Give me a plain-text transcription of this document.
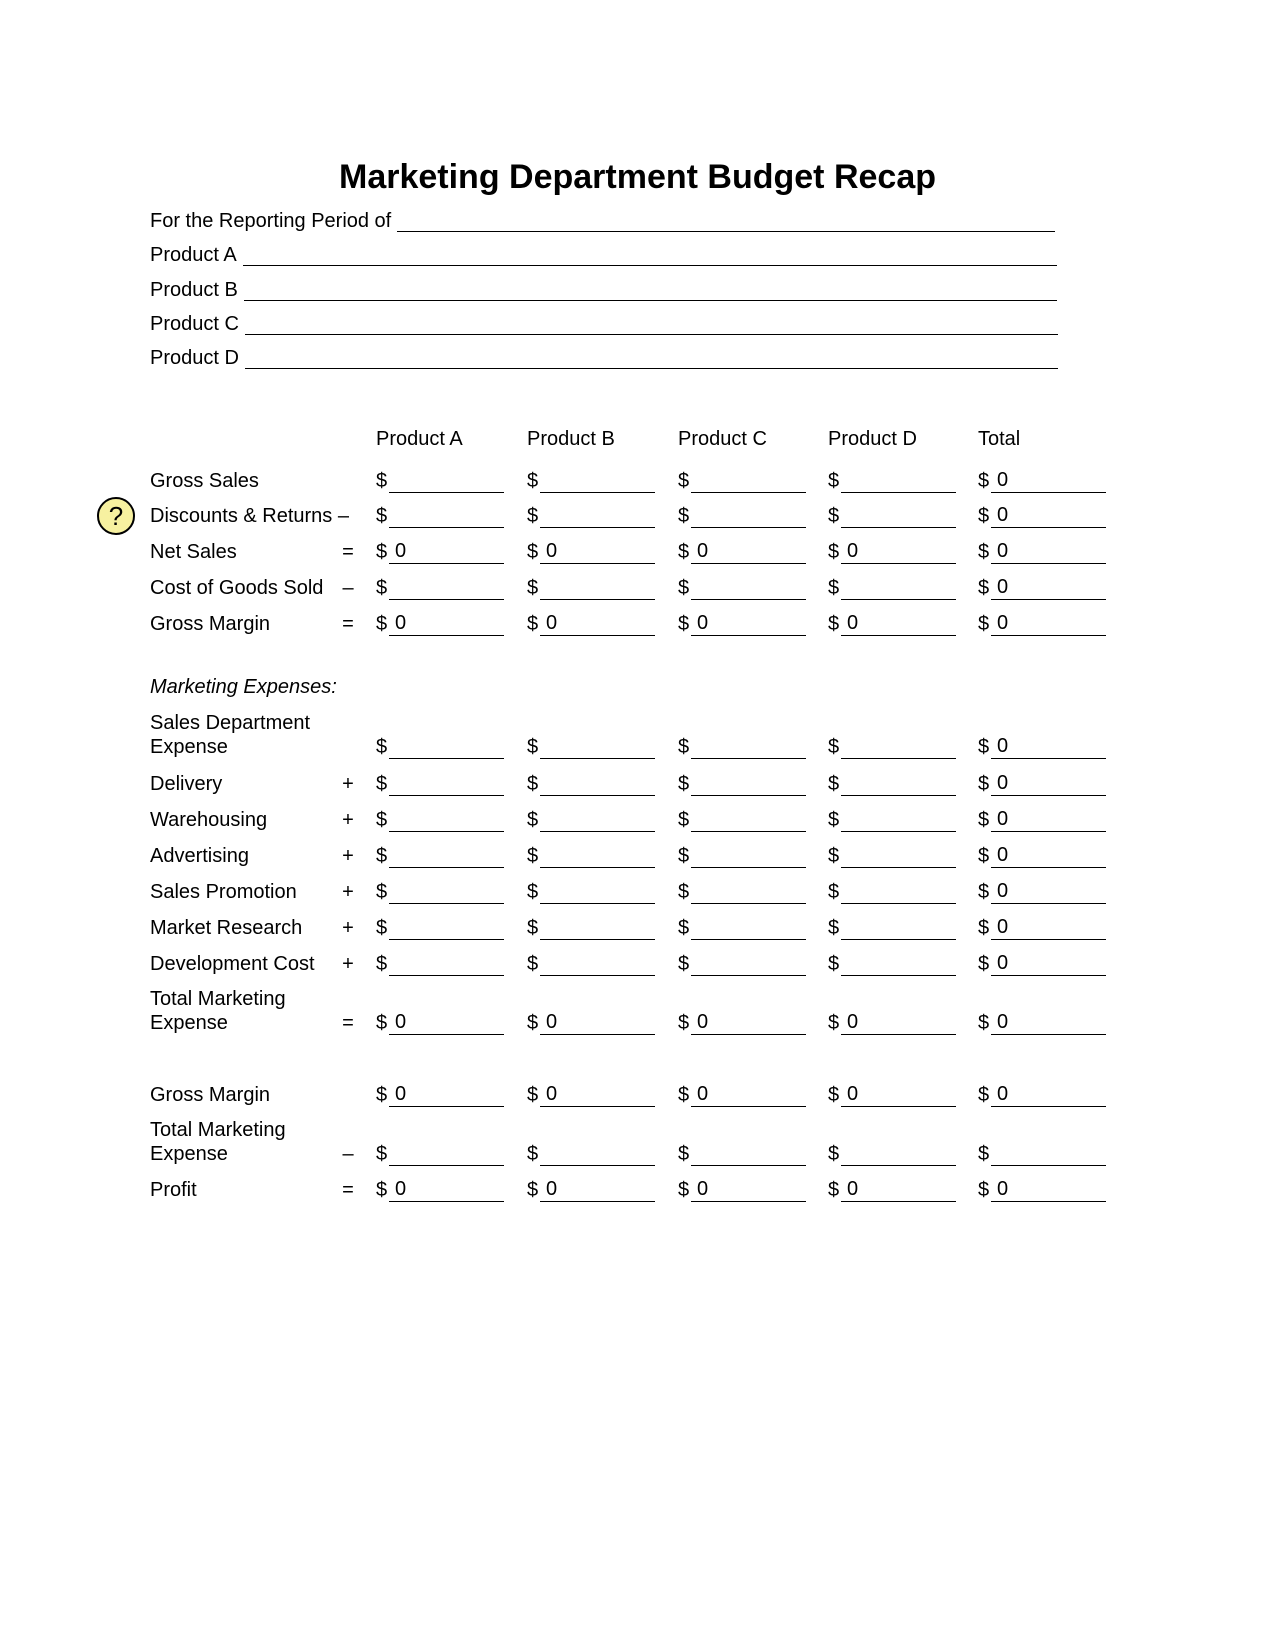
Marketing Department Budget Recap
For the Reporting Period of
Product A
Product B
Product C
Product D
Product A	Product B	Product C	Product D	Total
?
Gross Sales	$	$	$	$	$ 0
Discounts & Returns – $	$	$	$	$ 0
Net Sales	= $ 0	$ 0	$ 0	$ 0	$ 0
Cost of Goods Sold – $	$	$	$	$ 0
Gross Margin	= $ 0	$ 0	$ 0	$ 0	$ 0
Marketing Expenses:
Sales Department
Expense	$	$	$	$	$ 0
Delivery	+ $	$	$	$	$ 0
Warehousing	+ $	$	$	$	$ 0
Advertising	+ $	$	$	$	$ 0
Sales Promotion + $	$	$	$	$ 0
Market Research + $	$	$	$	$ 0
Development Cost + $	$	$	$	$ 0
Total Marketing
Expense	= $ 0	$ 0	$ 0	$ 0	$ 0
Gross Margin	$ 0	$ 0	$ 0	$ 0	$ 0
Total Marketing
Expense	– $	$	$	$	$
Profit	= $ 0	$ 0	$ 0	$ 0	$ 0
